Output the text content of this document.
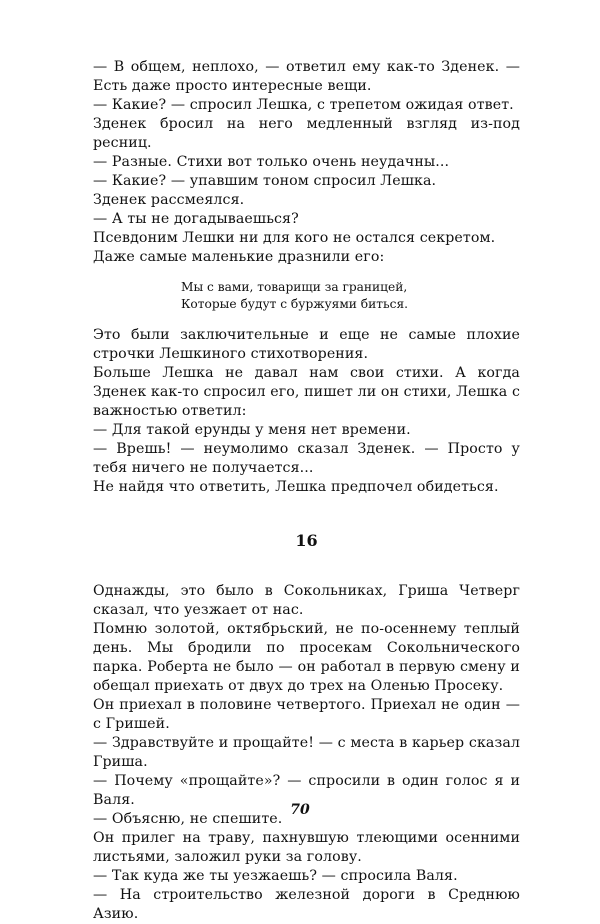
— В общем, неплохо, — ответил ему как-то Зденек. — Есть даже просто интересные вещи.

— Какие? — спросил Лешка, с трепетом ожидая ответ.

Зденек бросил на него медленный взгляд из-под ресниц.

— Разные. Стихи вот только очень неудачны...

— Какие? — упавшим тоном спросил Лешка.

Зденек рассмеялся.

— А ты не догадываешься?

Псевдоним Лешки ни для кого не остался секретом.

Даже самые маленькие дразнили его:

Мы с вами, товарищи за границей,
Которые будут с буржуями биться.

Это были заключительные и еще не самые плохие строчки Лешкиного стихотворения.

Больше Лешка не давал нам свои стихи. А когда Зденек как-то спросил его, пишет ли он стихи, Лешка с важностью ответил:

— Для такой ерунды у меня нет времени.

— Врешь! — неумолимо сказал Зденек. — Просто у тебя ничего не получается...

Не найдя что ответить, Лешка предпочел обидеться.

16

Однажды, это было в Сокольниках, Гриша Четверг сказал, что уезжает от нас.

Помню золотой, октябрьский, не по-осеннему теплый день. Мы бродили по просекам Сокольнического парка. Роберта не было — он работал в первую смену и обещал приехать от двух до трех на Оленью Просеку.

Он приехал в половине четвертого. Приехал не один — с Гришей.

— Здравствуйте и прощайте! — с места в карьер сказал Гриша.

— Почему «прощайте»? — спросили в один голос я и Валя.

— Объясню, не спешите.

Он прилег на траву, пахнувшую тлеющими осенними листьями, заложил руки за голову.

— Так куда же ты уезжаешь? — спросила Валя.

— На строительство железной дороги в Среднюю Азию.

70
